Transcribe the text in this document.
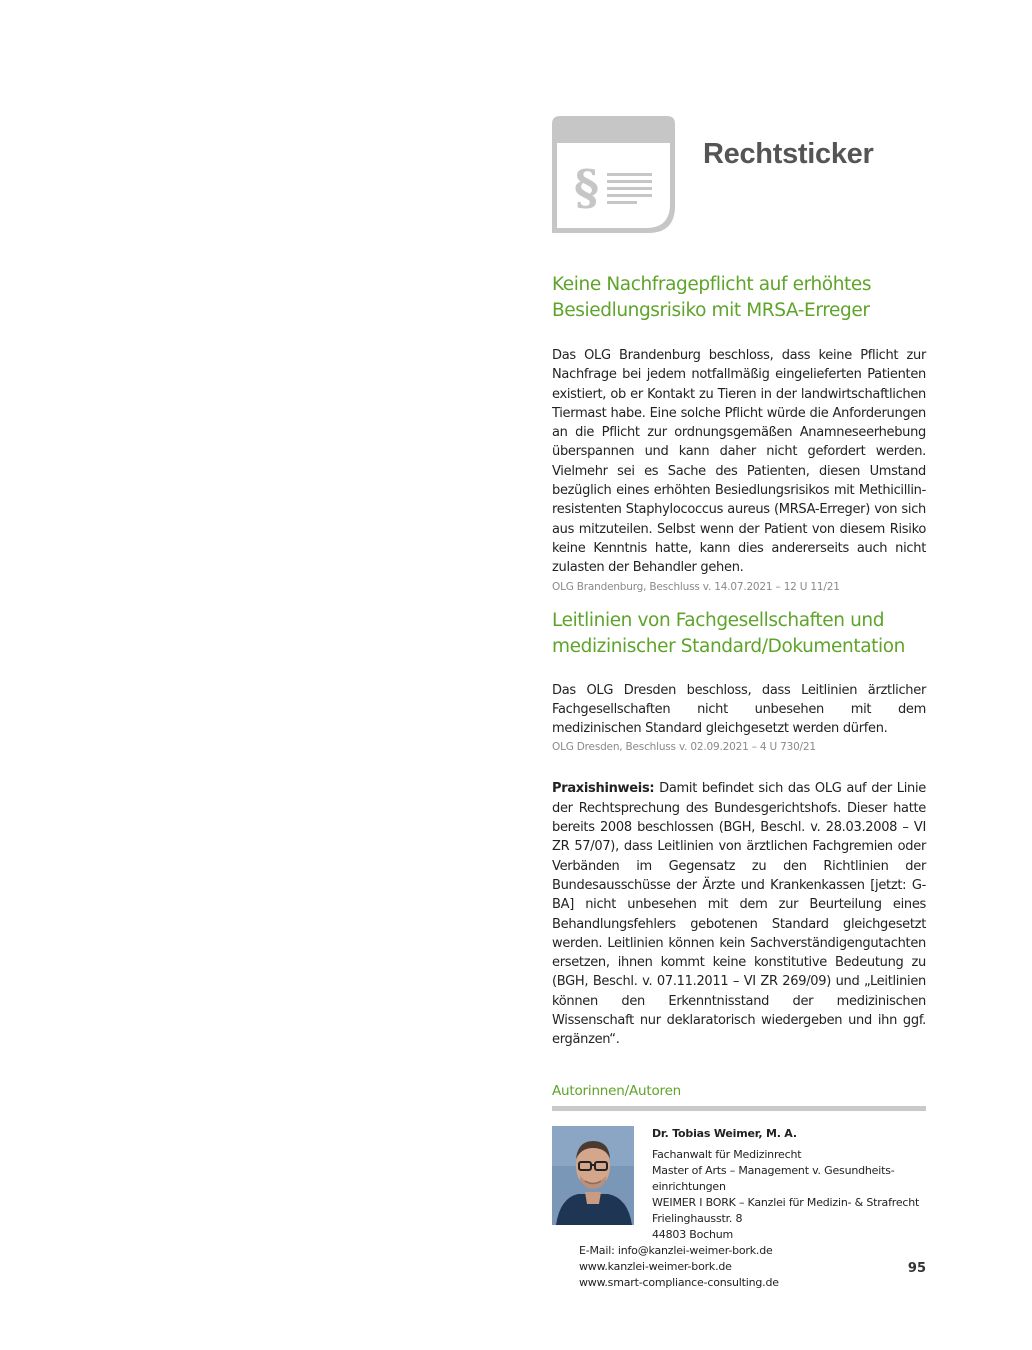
§
Rechtsticker
Keine Nachfragepflicht auf erhöhtes
Besiedlungsrisiko mit MRSA-Erreger

Das OLG Brandenburg beschloss, dass keine Pflicht zur Nachfrage bei jedem notfallmäßig eingelieferten Patienten existiert, ob er Kontakt zu Tieren in der landwirtschaftlichen Tiermast habe. Eine solche Pflicht würde die Anforderungen an die Pflicht zur ordnungsgemäßen Anamneseerhebung überspannen und kann daher nicht gefordert werden. Vielmehr sei es Sache des Patienten, diesen Umstand bezüglich eines erhöhten Besiedlungsrisikos mit Methicillin-resistenten Staphylococcus aureus (MRSA-Erreger) von sich aus mitzuteilen. Selbst wenn der Patient von diesem Risiko keine Kenntnis hatte, kann dies andererseits auch nicht zulasten der Behandler gehen.

OLG Brandenburg, Beschluss v. 14.07.2021 – 12 U 11/21

Leitlinien von Fachgesellschaften und
medizinischer Standard/Dokumentation

Das OLG Dresden beschloss, dass Leitlinien ärztlicher Fachgesellschaften nicht unbesehen mit dem medizinischen Standard gleichgesetzt werden dürfen.

OLG Dresden, Beschluss v. 02.09.2021 – 4 U 730/21

Praxishinweis: Damit befindet sich das OLG auf der Linie der Rechtsprechung des Bundesgerichtshofs. Dieser hatte bereits 2008 beschlossen (BGH, Beschl. v. 28.03.2008 – VI ZR 57/07), dass Leitlinien von ärztlichen Fachgremien oder Verbänden im Gegensatz zu den Richtlinien der Bundesausschüsse der Ärzte und Krankenkassen [jetzt: G-BA] nicht unbesehen mit dem zur Beurteilung eines Behandlungsfehlers gebotenen Standard gleichgesetzt werden. Leitlinien können kein Sachverständigengutachten ersetzen, ihnen kommt keine konstitutive Bedeutung zu (BGH, Beschl. v. 07.11.2011 – VI ZR 269/09) und „Leitlinien können den Erkenntnisstand der medizinischen Wissenschaft nur deklaratorisch wiedergeben und ihn ggf. ergänzen“.

Autorinnen/Autoren
Dr. Tobias Weimer, M. A.
Fachanwalt für Medizinrecht
Master of Arts – Management v. Gesundheits-
einrichtungen
WEIMER I BORK – Kanzlei für Medizin- & Strafrecht
Frielinghausstr. 8
44803 Bochum
E-Mail: info@kanzlei-weimer-bork.de
www.kanzlei-weimer-bork.de
www.smart-compliance-consulting.de
95
